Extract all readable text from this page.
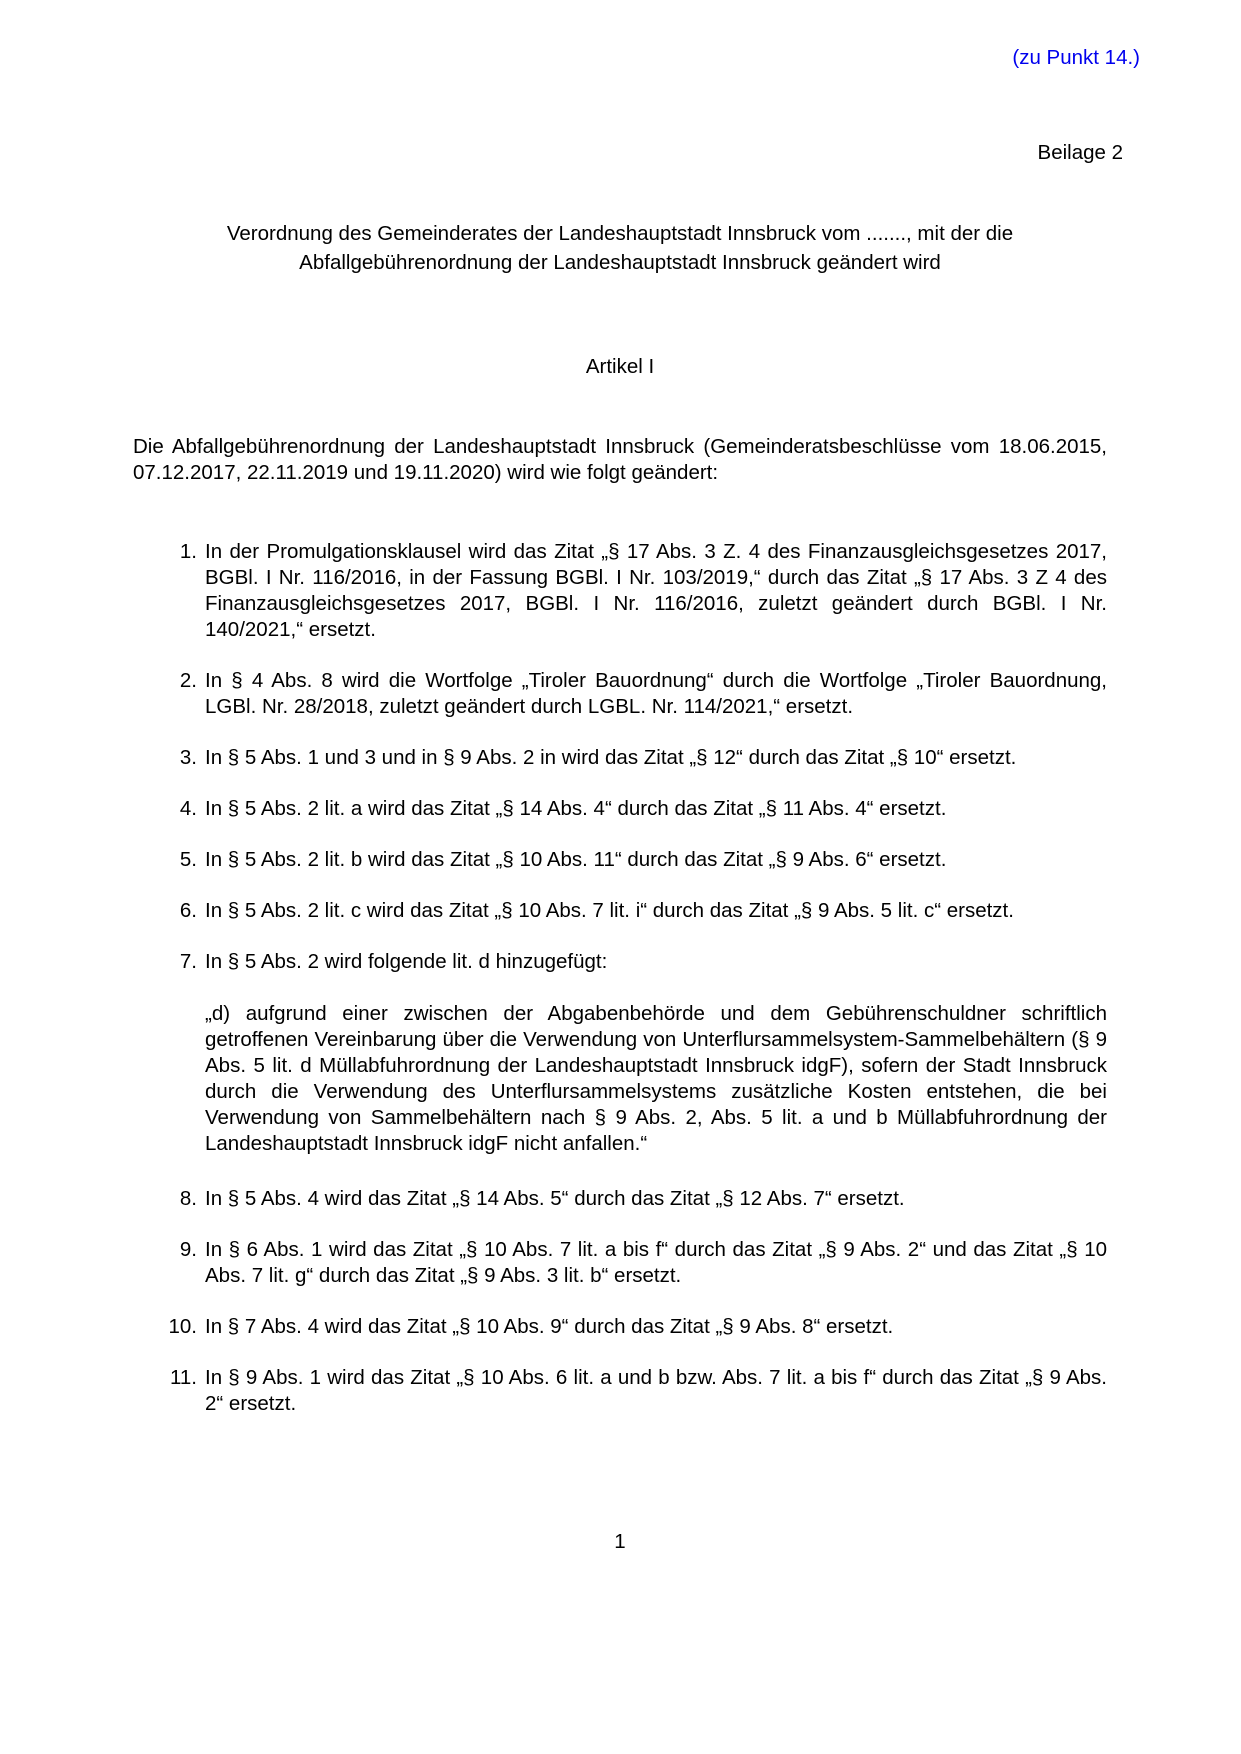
(zu Punkt 14.)
Beilage 2
Verordnung des Gemeinderates der Landeshauptstadt Innsbruck vom ......., mit der die
Abfallgebührenordnung der Landeshauptstadt Innsbruck geändert wird
Artikel I
Die Abfallgebührenordnung der Landeshauptstadt Innsbruck (Gemeinderatsbeschlüsse vom 18.06.2015, 07.12.2017, 22.11.2019 und 19.11.2020) wird wie folgt geändert:
1. In der Promulgationsklausel wird das Zitat „§ 17 Abs. 3 Z. 4 des Finanzausgleichsgesetzes 2017, BGBl. I Nr. 116/2016, in der Fassung BGBl. I Nr. 103/2019,“ durch das Zitat „§ 17 Abs. 3 Z 4 des Finanzausgleichsgesetzes 2017, BGBl. I Nr. 116/2016, zuletzt geändert durch BGBl. I Nr. 140/2021,“ ersetzt.
2. In § 4 Abs. 8 wird die Wortfolge „Tiroler Bauordnung“ durch die Wortfolge „Tiroler Bauordnung, LGBl. Nr. 28/2018, zuletzt geändert durch LGBL. Nr. 114/2021,“ ersetzt.
3. In § 5 Abs. 1 und 3 und in § 9 Abs. 2 in wird das Zitat „§ 12“ durch das Zitat „§ 10“ ersetzt.
4. In § 5 Abs. 2 lit. a wird das Zitat „§ 14 Abs. 4“ durch das Zitat „§ 11 Abs. 4“ ersetzt.
5. In § 5 Abs. 2 lit. b wird das Zitat „§ 10 Abs. 11“ durch das Zitat „§ 9 Abs. 6“ ersetzt.
6. In § 5 Abs. 2 lit. c wird das Zitat „§ 10 Abs. 7 lit. i“ durch das Zitat „§ 9 Abs. 5 lit. c“ ersetzt.
7. In § 5 Abs. 2 wird folgende lit. d hinzugefügt:
„d) aufgrund einer zwischen der Abgabenbehörde und dem Gebührenschuldner schriftlich getroffenen Vereinbarung über die Verwendung von Unterflursammelsystem-Sammelbehältern (§ 9 Abs. 5 lit. d Müllabfuhrordnung der Landeshauptstadt Innsbruck idgF), sofern der Stadt Innsbruck durch die Verwendung des Unterflursammelsystems zusätzliche Kosten entstehen, die bei Verwendung von Sammelbehältern nach § 9 Abs. 2, Abs. 5 lit. a und b Müllabfuhrordnung der Landeshauptstadt Innsbruck idgF nicht anfallen.“
8. In § 5 Abs. 4 wird das Zitat „§ 14 Abs. 5“ durch das Zitat „§ 12 Abs. 7“ ersetzt.
9. In § 6 Abs. 1 wird das Zitat „§ 10 Abs. 7 lit. a bis f“ durch das Zitat „§ 9 Abs. 2“ und das Zitat „§ 10 Abs. 7 lit. g“ durch das Zitat „§ 9 Abs. 3 lit. b“ ersetzt.
10. In § 7 Abs. 4 wird das Zitat „§ 10 Abs. 9“ durch das Zitat „§ 9 Abs. 8“ ersetzt.
11. In § 9 Abs. 1 wird das Zitat „§ 10 Abs. 6 lit. a und b bzw. Abs. 7 lit. a bis f“ durch das Zitat „§ 9 Abs. 2“ ersetzt.
1
